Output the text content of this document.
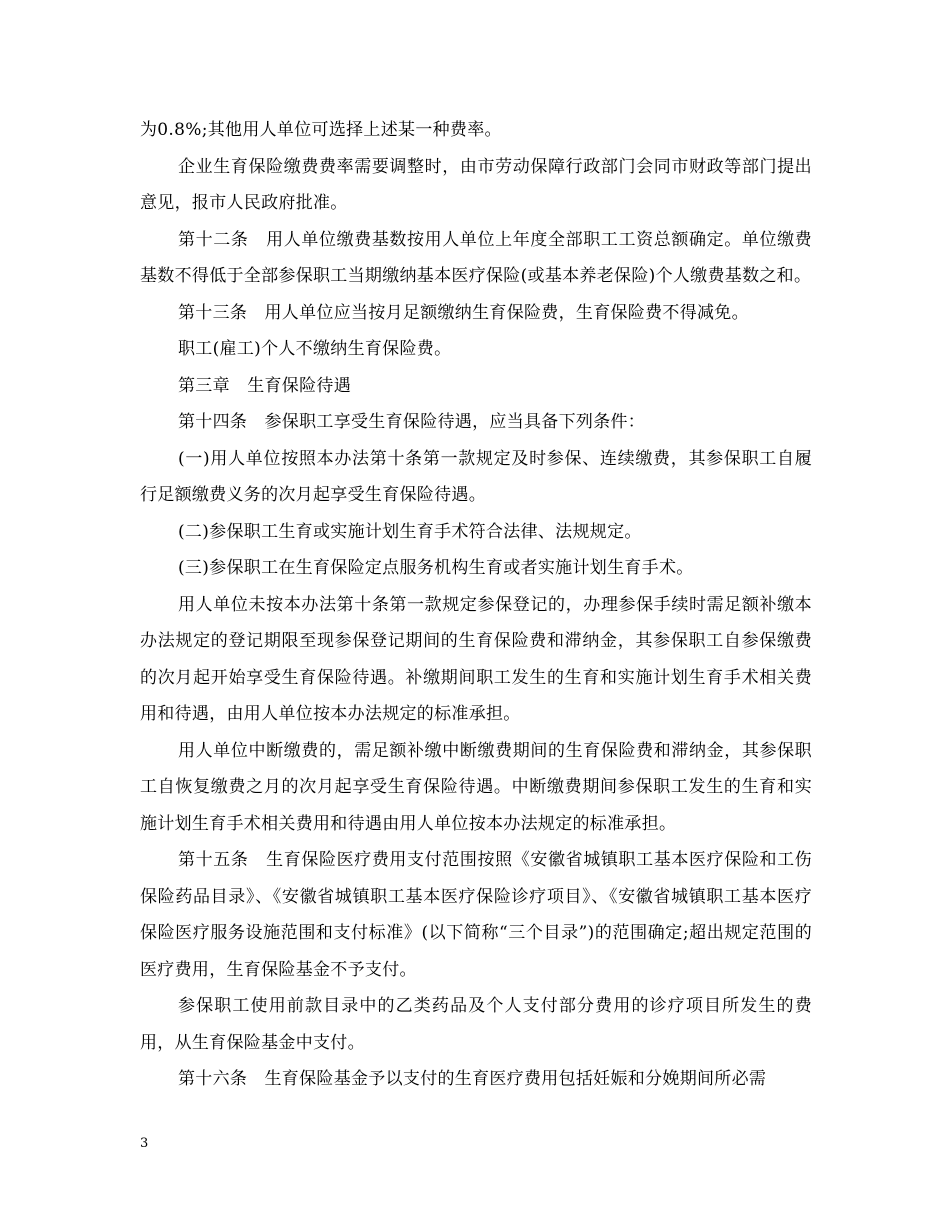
为0.8%;其他用人单位可选择上述某一种费率。

企业生育保险缴费费率需要调整时，由市劳动保障行政部门会同市财政等部门提出意见，报市人民政府批准。

第十二条　用人单位缴费基数按用人单位上年度全部职工工资总额确定。单位缴费基数不得低于全部参保职工当期缴纳基本医疗保险(或基本养老保险)个人缴费基数之和。

第十三条　用人单位应当按月足额缴纳生育保险费，生育保险费不得减免。

职工(雇工)个人不缴纳生育保险费。

第三章　生育保险待遇

第十四条　参保职工享受生育保险待遇，应当具备下列条件：

(一)用人单位按照本办法第十条第一款规定及时参保、连续缴费，其参保职工自履行足额缴费义务的次月起享受生育保险待遇。

(二)参保职工生育或实施计划生育手术符合法律、法规规定。

(三)参保职工在生育保险定点服务机构生育或者实施计划生育手术。

用人单位未按本办法第十条第一款规定参保登记的，办理参保手续时需足额补缴本办法规定的登记期限至现参保登记期间的生育保险费和滞纳金，其参保职工自参保缴费的次月起开始享受生育保险待遇。补缴期间职工发生的生育和实施计划生育手术相关费用和待遇，由用人单位按本办法规定的标准承担。

用人单位中断缴费的，需足额补缴中断缴费期间的生育保险费和滞纳金，其参保职工自恢复缴费之月的次月起享受生育保险待遇。中断缴费期间参保职工发生的生育和实施计划生育手术相关费用和待遇由用人单位按本办法规定的标准承担。

第十五条　生育保险医疗费用支付范围按照《安徽省城镇职工基本医疗保险和工伤保险药品目录》、《安徽省城镇职工基本医疗保险诊疗项目》、《安徽省城镇职工基本医疗保险医疗服务设施范围和支付标准》(以下简称“三个目录”)的范围确定;超出规定范围的医疗费用，生育保险基金不予支付。

参保职工使用前款目录中的乙类药品及个人支付部分费用的诊疗项目所发生的费用，从生育保险基金中支付。

第十六条　生育保险基金予以支付的生育医疗费用包括妊娠和分娩期间所必需

3
